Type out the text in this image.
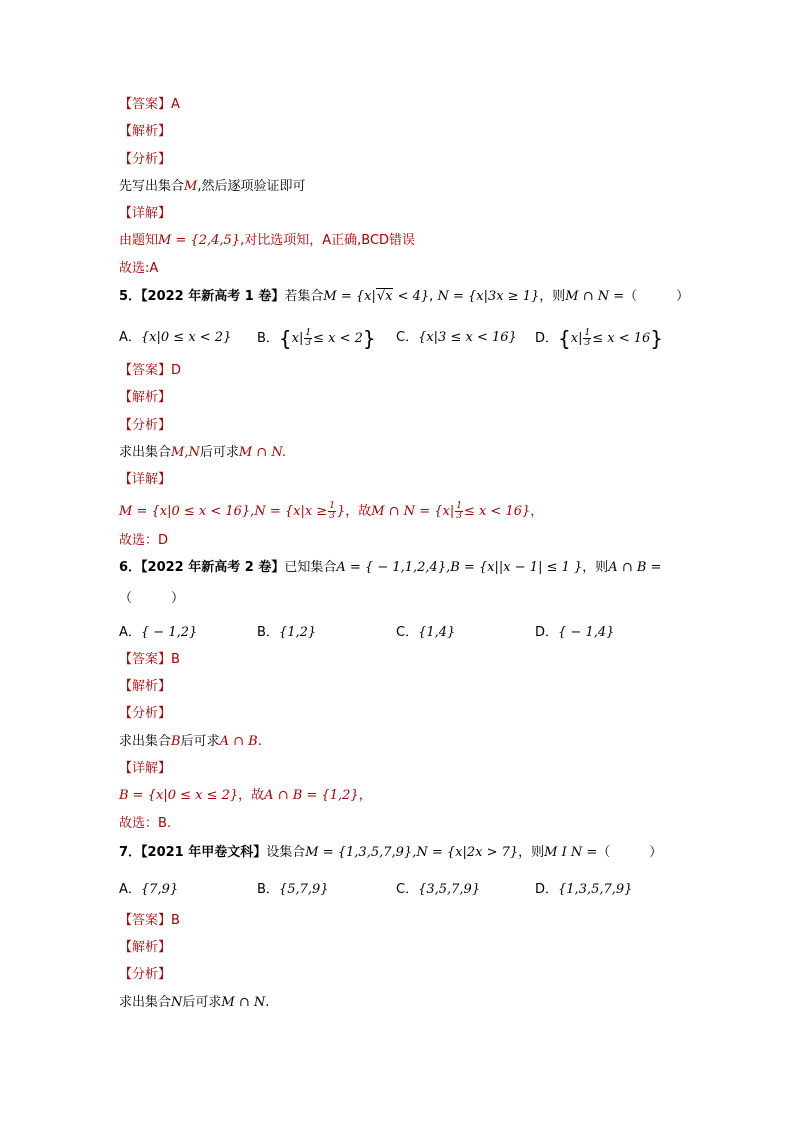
【答案】A
【解析】
【分析】
先写出集合M,然后逐项验证即可
【详解】
由题知M = {2,4,5},对比选项知，A正确,BCD错误
故选:A
5．【2022 年新高考 1 卷】若集合M = {x|√x < 4}, N = {x|3x ≥ 1}，则M ∩ N =（　　　）
A．{x|0 ≤ x < 2} B．$\{x| \frac{1}{3} \le x < 2\}$ C．{x|3 ≤ x < 16} D．$\{x| \frac{1}{3} \le x < 16\}$
【答案】D
【解析】
【分析】
求出集合M,N后可求M ∩ N.
【详解】
$M = \{x|0 \le x < 16\},N = \{x|x \ge \frac{1}{3}$ }，故M ∩ $N = \{x| \frac{1}{3} \le x < 16\}$，
故选：D
6．【2022 年新高考 2 卷】已知集合A = { − 1,1,2,4},B = {x||x − 1| ≤ 1 }，则A ∩ B =
（　　　）
A．{ − 1,2}	B．{1,2}	C．{1,4}	D．{ − 1,4}
【答案】B
【解析】
【分析】
求出集合B后可求A ∩ B.
【详解】
B = {x|0 ≤ x ≤ 2}，故A ∩ B = {1,2}，
故选：B.
7．【2021 年甲卷文科】设集合M = {1,3,5,7,9},N = {x|2x > 7}，则M I N =（　　　）
A．{7,9}	B．{5,7,9}	C．{3,5,7,9}	D．{1,3,5,7,9}
【答案】B
【解析】
【分析】
求出集合N后可求M ∩ N.
